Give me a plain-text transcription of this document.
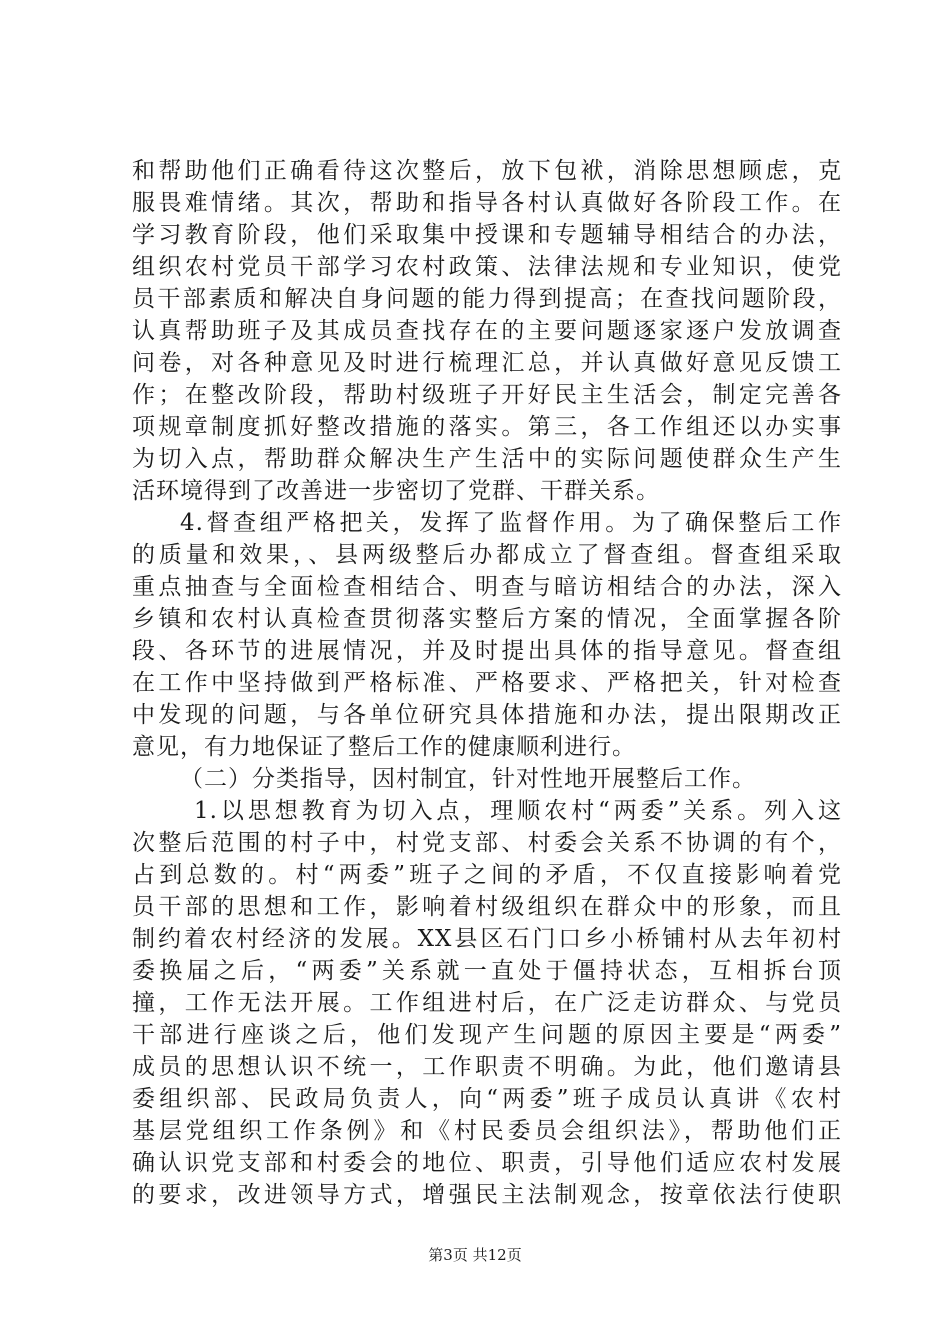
和帮助他们正确看待这次整后，放下包袱，消除思想顾虑，克
服畏难情绪。其次，帮助和指导各村认真做好各阶段工作。在
学习教育阶段，他们采取集中授课和专题辅导相结合的办法，
组织农村党员干部学习农村政策、法律法规和专业知识，使党
员干部素质和解决自身问题的能力得到提高；在查找问题阶段，
认真帮助班子及其成员查找存在的主要问题逐家逐户发放调查
问卷，对各种意见及时进行梳理汇总，并认真做好意见反馈工
作；在整改阶段，帮助村级班子开好民主生活会，制定完善各
项规章制度抓好整改措施的落实。第三，各工作组还以办实事
为切入点，帮助群众解决生产生活中的实际问题使群众生产生
活环境得到了改善进一步密切了党群、干群关系。
4.督查组严格把关，发挥了监督作用。为了确保整后工作
的质量和效果，、县两级整后办都成立了督查组。督查组采取
重点抽查与全面检查相结合、明查与暗访相结合的办法，深入
乡镇和农村认真检查贯彻落实整后方案的情况，全面掌握各阶
段、各环节的进展情况，并及时提出具体的指导意见。督查组
在工作中坚持做到严格标准、严格要求、严格把关，针对检查
中发现的问题，与各单位研究具体措施和办法，提出限期改正
意见，有力地保证了整后工作的健康顺利进行。
（二）分类指导，因村制宜，针对性地开展整后工作。
1.以思想教育为切入点，理顺农村“两委”关系。列入这
次整后范围的村子中，村党支部、村委会关系不协调的有个，
占到总数的。村“两委”班子之间的矛盾，不仅直接影响着党
员干部的思想和工作，影响着村级组织在群众中的形象，而且
制约着农村经济的发展。XX县区石门口乡小桥铺村从去年初村
委换届之后，“两委”关系就一直处于僵持状态，互相拆台顶
撞，工作无法开展。工作组进村后，在广泛走访群众、与党员
干部进行座谈之后，他们发现产生问题的原因主要是“两委”
成员的思想认识不统一，工作职责不明确。为此，他们邀请县
委组织部、民政局负责人，向“两委”班子成员认真讲《农村
基层党组织工作条例》和《村民委员会组织法》，帮助他们正
确认识党支部和村委会的地位、职责，引导他们适应农村发展
的要求，改进领导方式，增强民主法制观念，按章依法行使职
第3页 共12页
